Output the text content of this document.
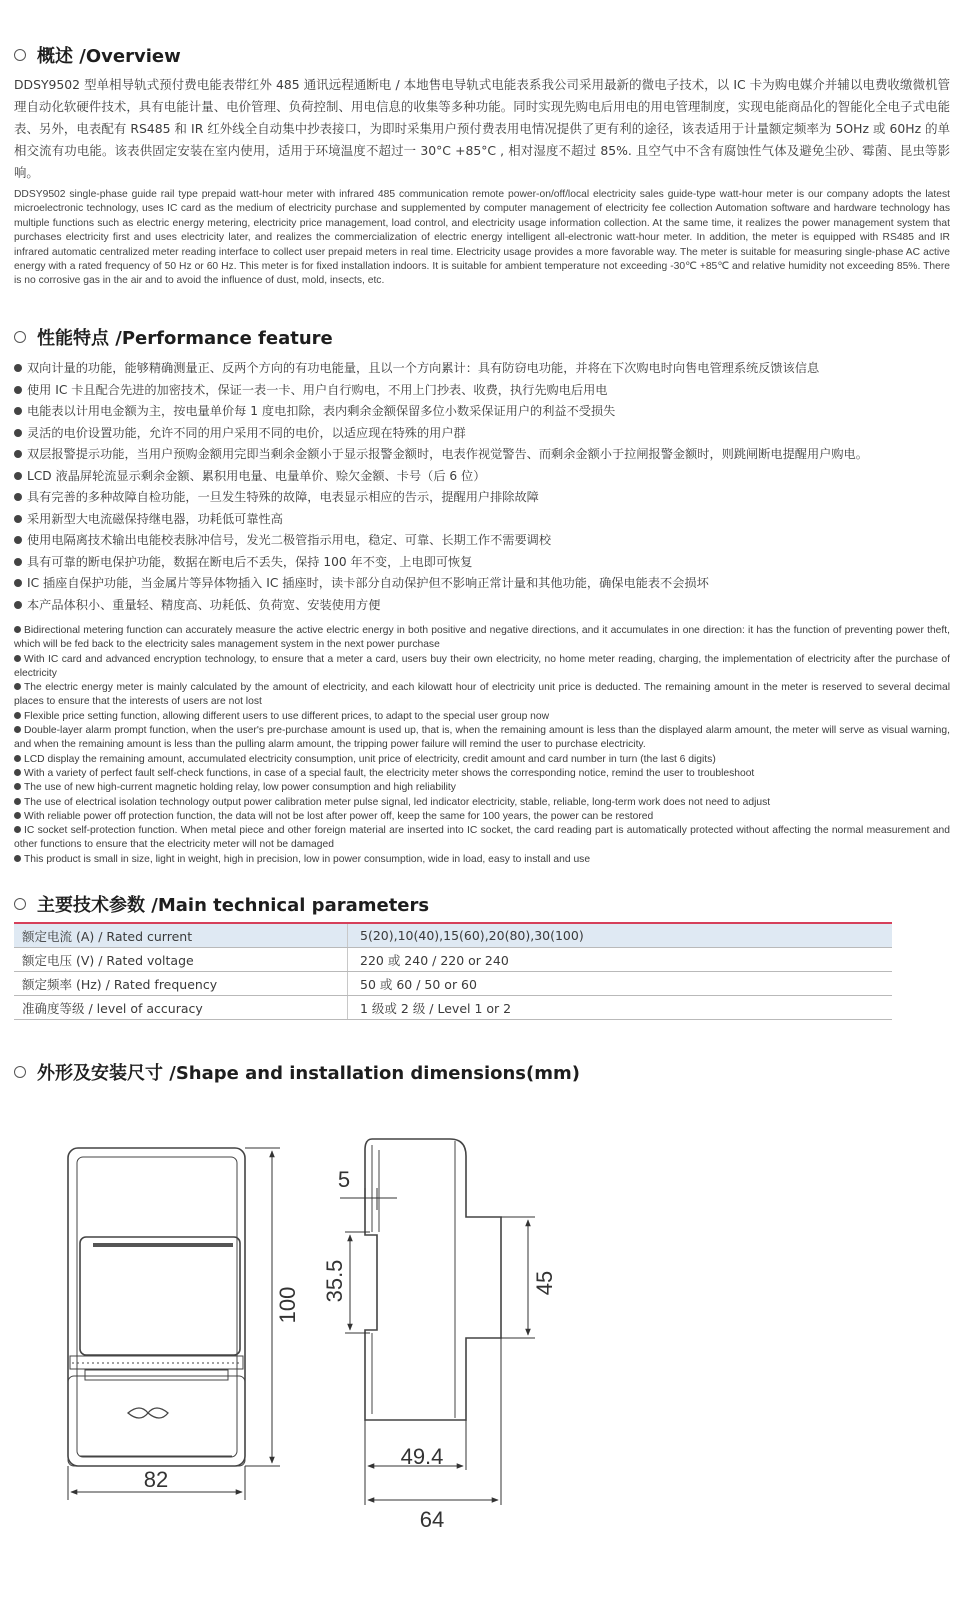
概述 /Overview

DDSY9502 型单相导轨式预付费电能表带红外 485 通讯远程通断电 / 本地售电导轨式电能表系我公司采用最新的微电子技术，以 IC 卡为购电媒介并辅以电费收缴微机管理自动化软硬件技术，具有电能计量、电价管理、负荷控制、用电信息的收集等多种功能。同时实现先购电后用电的用电管理制度，实现电能商品化的智能化全电子式电能表、另外，电表配有 RS485 和 IR 红外线全自动集中抄表接口，为即时采集用户预付费表用电情况提供了更有利的途径，该表适用于计量额定频率为 5OHz 或 60Hz 的单相交流有功电能。该表供固定安装在室内使用，适用于环境温度不超过一 30°C +85°C , 相对湿度不超过 85%. 且空气中不含有腐蚀性气体及避免尘砂、霉菌、昆虫等影响。

DDSY9502 single-phase guide rail type prepaid watt-hour meter with infrared 485 communication remote power-on/off/local electricity sales guide-type watt-hour meter is our company adopts the latest microelectronic technology, uses IC card as the medium of electricity purchase and supplemented by computer management of electricity fee collection Automation software and hardware technology has multiple functions such as electric energy metering, electricity price management, load control, and electricity usage information collection. At the same time, it realizes the power management system that purchases electricity first and uses electricity later, and realizes the commercialization of electric energy intelligent all-electronic watt-hour meter. In addition, the meter is equipped with RS485 and IR infrared automatic centralized meter reading interface to collect user prepaid meters in real time. Electricity usage provides a more favorable way. The meter is suitable for measuring single-phase AC active energy with a rated frequency of 50 Hz or 60 Hz. This meter is for fixed installation indoors. It is suitable for ambient temperature not exceeding -30℃ +85℃ and relative humidity not exceeding 85%. There is no corrosive gas in the air and to avoid the influence of dust, mold, insects, etc.

性能特点 /Performance feature
双向计量的功能，能够精确测量正、反两个方向的有功电能量，且以一个方向累计：具有防窃电功能，并将在下次购电时向售电管理系统反馈该信息
使用 IC 卡且配合先进的加密技术，保证一表一卡、用户自行购电，不用上门抄表、收费，执行先购电后用电
电能表以计用电金额为主，按电量单价每 1 度电扣除，表内剩余金额保留多位小数采保证用户的利益不受损失
灵活的电价设置功能，允许不同的用户采用不同的电价，以适应现在特殊的用户群
双层报警提示功能，当用户预购金额用完即当剩余金额小于显示报警金额时，电表作视觉警告、而剩余金额小于拉闸报警金额时，则跳闸断电提醒用户购电。
LCD 液晶屏轮流显示剩余金额、累积用电量、电量单价、赊欠金额、卡号（后 6 位）
具有完善的多种故障自检功能，一旦发生特殊的故障，电表显示相应的告示，提醒用户排除故障
采用新型大电流磁保持继电器，功耗低可靠性高
使用电隔离技术输出电能校表脉冲信号，发光二极管指示用电，稳定、可靠、长期工作不需要调校
具有可靠的断电保护功能，数据在断电后不丢失，保持 100 年不变，上电即可恢复
IC 插座自保护功能，当金属片等异体物插入 IC 插座时，读卡部分自动保护但不影响正常计量和其他功能，确保电能表不会损坏
本产品体积小、重量轻、精度高、功耗低、负荷宽、安装使用方便
Bidirectional metering function can accurately measure the active electric energy in both positive and negative directions, and it accumulates in one direction: it has the function of preventing power theft, which will be fed back to the electricity sales management system in the next power purchase
With IC card and advanced encryption technology, to ensure that a meter a card, users buy their own electricity, no home meter reading, charging, the implementation of electricity after the purchase of electricity
The electric energy meter is mainly calculated by the amount of electricity, and each kilowatt hour of electricity unit price is deducted. The remaining amount in the meter is reserved to several decimal places to ensure that the interests of users are not lost
Flexible price setting function, allowing different users to use different prices, to adapt to the special user group now
Double-layer alarm prompt function, when the user's pre-purchase amount is used up, that is, when the remaining amount is less than the displayed alarm amount, the meter will serve as visual warning, and when the remaining amount is less than the pulling alarm amount, the tripping power failure will remind the user to purchase electricity.
LCD display the remaining amount, accumulated electricity consumption, unit price of electricity, credit amount and card number in turn (the last 6 digits)
With a variety of perfect fault self-check functions, in case of a special fault, the electricity meter shows the corresponding notice, remind the user to troubleshoot
The use of new high-current magnetic holding relay, low power consumption and high reliability
The use of electrical isolation technology output power calibration meter pulse signal, led indicator electricity, stable, reliable, long-term work does not need to adjust
With reliable power off protection function, the data will not be lost after power off, keep the same for 100 years, the power can be restored
IC socket self-protection function. When metal piece and other foreign material are inserted into IC socket, the card reading part is automatically protected without affecting the normal measurement and other functions to ensure that the electricity meter will not be damaged
This product is small in size, light in weight, high in precision, low in power consumption, wide in load, easy to install and use
主要技术参数 /Main technical parameters
额定电流 (A) / Rated current	5(20),10(40),15(60),20(80),30(100)
额定电压 (V) / Rated voltage	220 或 240 / 220 or 240
额定频率 (Hz) / Rated frequency	50 或 60 / 50 or 60
准确度等级 / level of accuracy	1 级或 2 级 / Level 1 or 2
外形及安装尺寸 /Shape and installation dimensions(mm)
82
100
5
35.5	45
49.4
64
